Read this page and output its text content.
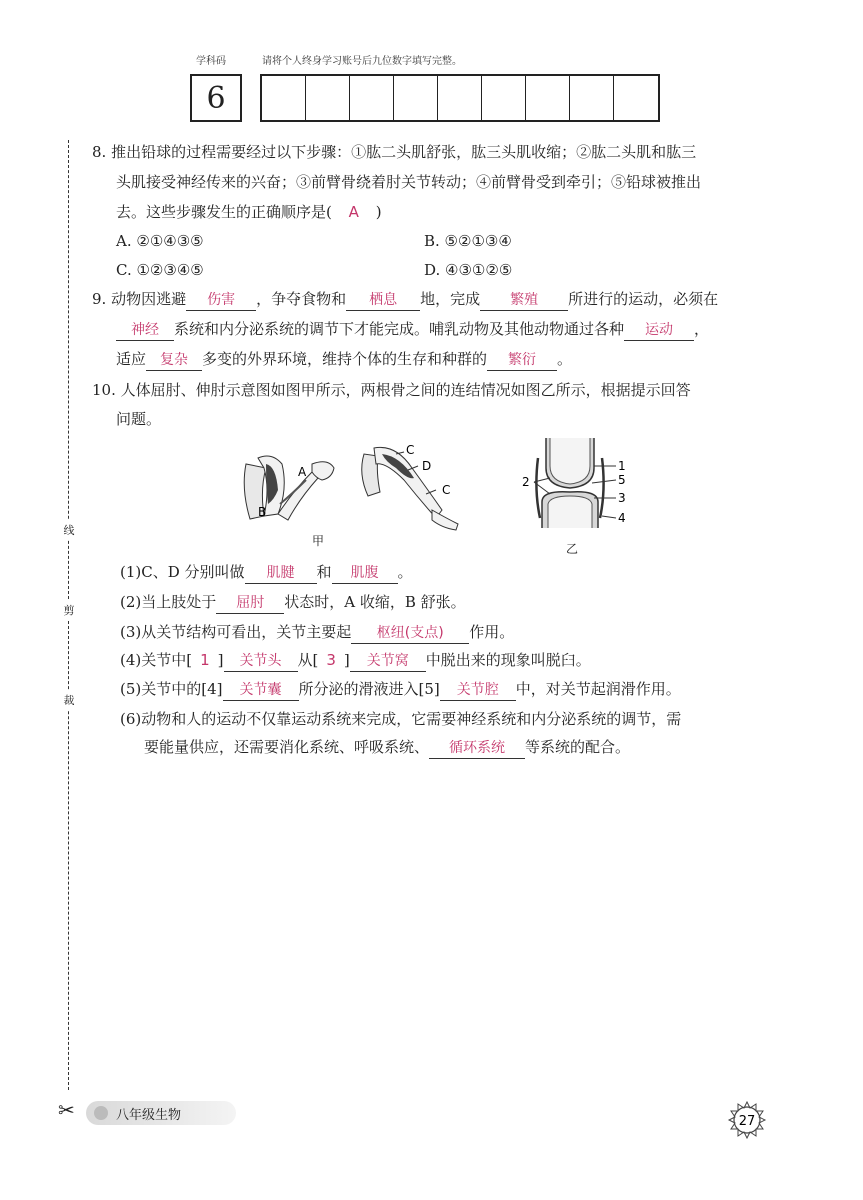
学科码	请将个人终身学习账号后九位数字填写完整。
6
线
剪
裁
✂
8. 推出铅球的过程需要经过以下步骤：①肱二头肌舒张，肱三头肌收缩；②肱二头肌和肱三
头肌接受神经传来的兴奋；③前臂骨绕着肘关节转动；④前臂骨受到牵引；⑤铅球被推出
去。这些步骤发生的正确顺序是( A )
A. ②①④③⑤	B. ⑤②①③④
C. ①②③④⑤	D. ④③①②⑤
9. 动物因逃避 伤害 ，争夺食物和 栖息 地，完成 繁殖 所进行的运动，必须在
神经 系统和内分泌系统的调节下才能完成。哺乳动物及其他动物通过各种 运动 ，
适应 复杂 多变的外界环境，维持个体的生存和种群的 繁衍 。
10. 人体屈肘、伸肘示意图如图甲所示，两根骨之间的连结情况如图乙所示，根据提示回答
问题。
A
B
C
D
C
甲
1
2	5
3
4
乙
(1)C、D 分别叫做 肌腱 和 肌腹 。
(2)当上肢处于 屈肘 状态时，A 收缩，B 舒张。
(3)从关节结构可看出，关节主要起 枢纽(支点) 作用。
(4)关节中[ 1 ] 关节头 从[ 3 ] 关节窝 中脱出来的现象叫脱臼。
(5)关节中的[4] 关节囊 所分泌的滑液进入[5] 关节腔 中，对关节起润滑作用。
(6)动物和人的运动不仅靠运动系统来完成，它需要神经系统和内分泌系统的调节，需
要能量供应，还需要消化系统、呼吸系统、 循环系统 等系统的配合。
八年级生物	27
